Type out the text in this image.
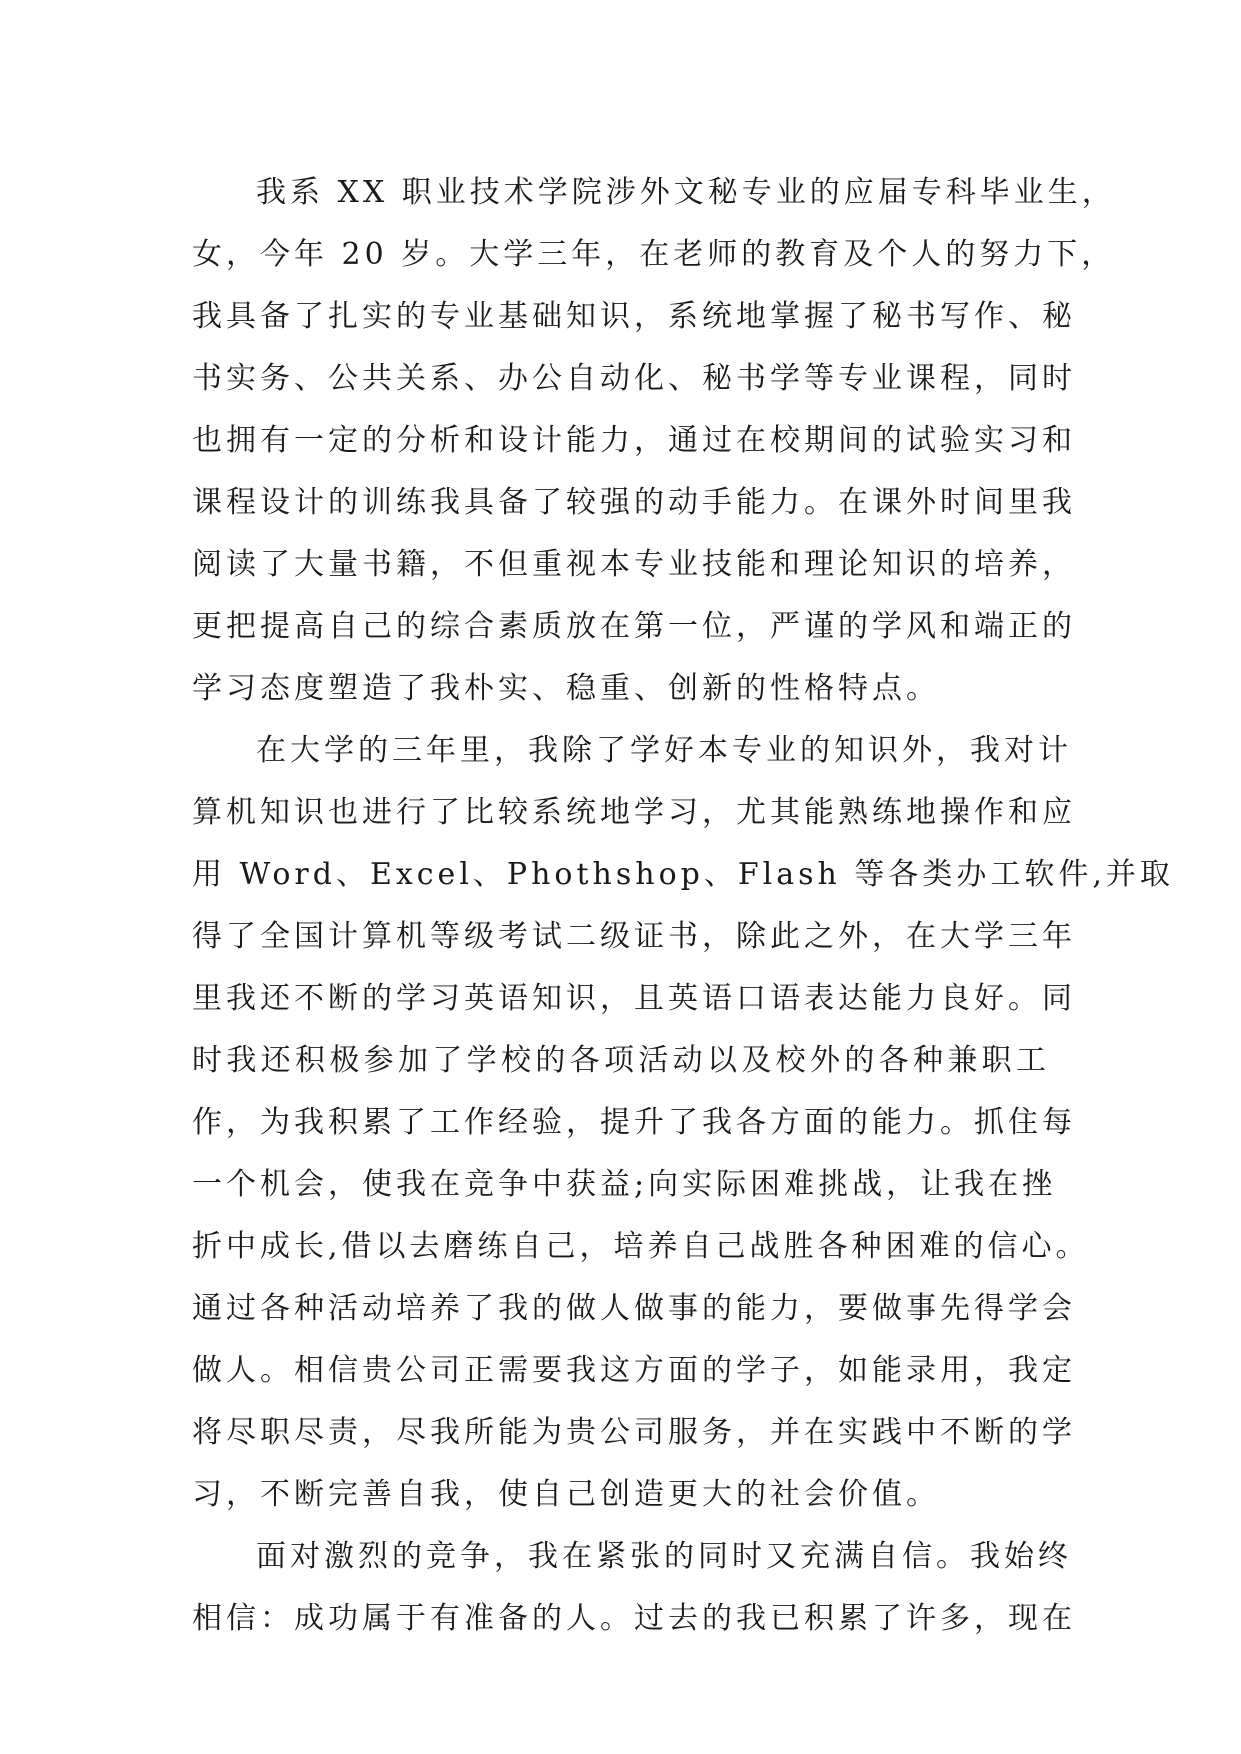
我系 XX 职业技术学院涉外文秘专业的应届专科毕业生，
女，今年 20 岁。大学三年，在老师的教育及个人的努力下，
我具备了扎实的专业基础知识，系统地掌握了秘书写作、秘
书实务、公共关系、办公自动化、秘书学等专业课程，同时
也拥有一定的分析和设计能力，通过在校期间的试验实习和
课程设计的训练我具备了较强的动手能力。在课外时间里我
阅读了大量书籍，不但重视本专业技能和理论知识的培养，
更把提高自己的综合素质放在第一位，严谨的学风和端正的
学习态度塑造了我朴实、稳重、创新的性格特点。
在大学的三年里，我除了学好本专业的知识外，我对计
算机知识也进行了比较系统地学习，尤其能熟练地操作和应
用 Word、Excel、Phothshop、Flash 等各类办工软件,并取
得了全国计算机等级考试二级证书，除此之外，在大学三年
里我还不断的学习英语知识，且英语口语表达能力良好。同
时我还积极参加了学校的各项活动以及校外的各种兼职工
作，为我积累了工作经验，提升了我各方面的能力。抓住每
一个机会，使我在竞争中获益;向实际困难挑战，让我在挫
折中成长,借以去磨练自己，培养自己战胜各种困难的信心。
通过各种活动培养了我的做人做事的能力，要做事先得学会
做人。相信贵公司正需要我这方面的学子，如能录用，我定
将尽职尽责，尽我所能为贵公司服务，并在实践中不断的学
习，不断完善自我，使自己创造更大的社会价值。
面对激烈的竞争，我在紧张的同时又充满自信。我始终
相信：成功属于有准备的人。过去的我已积累了许多，现在
